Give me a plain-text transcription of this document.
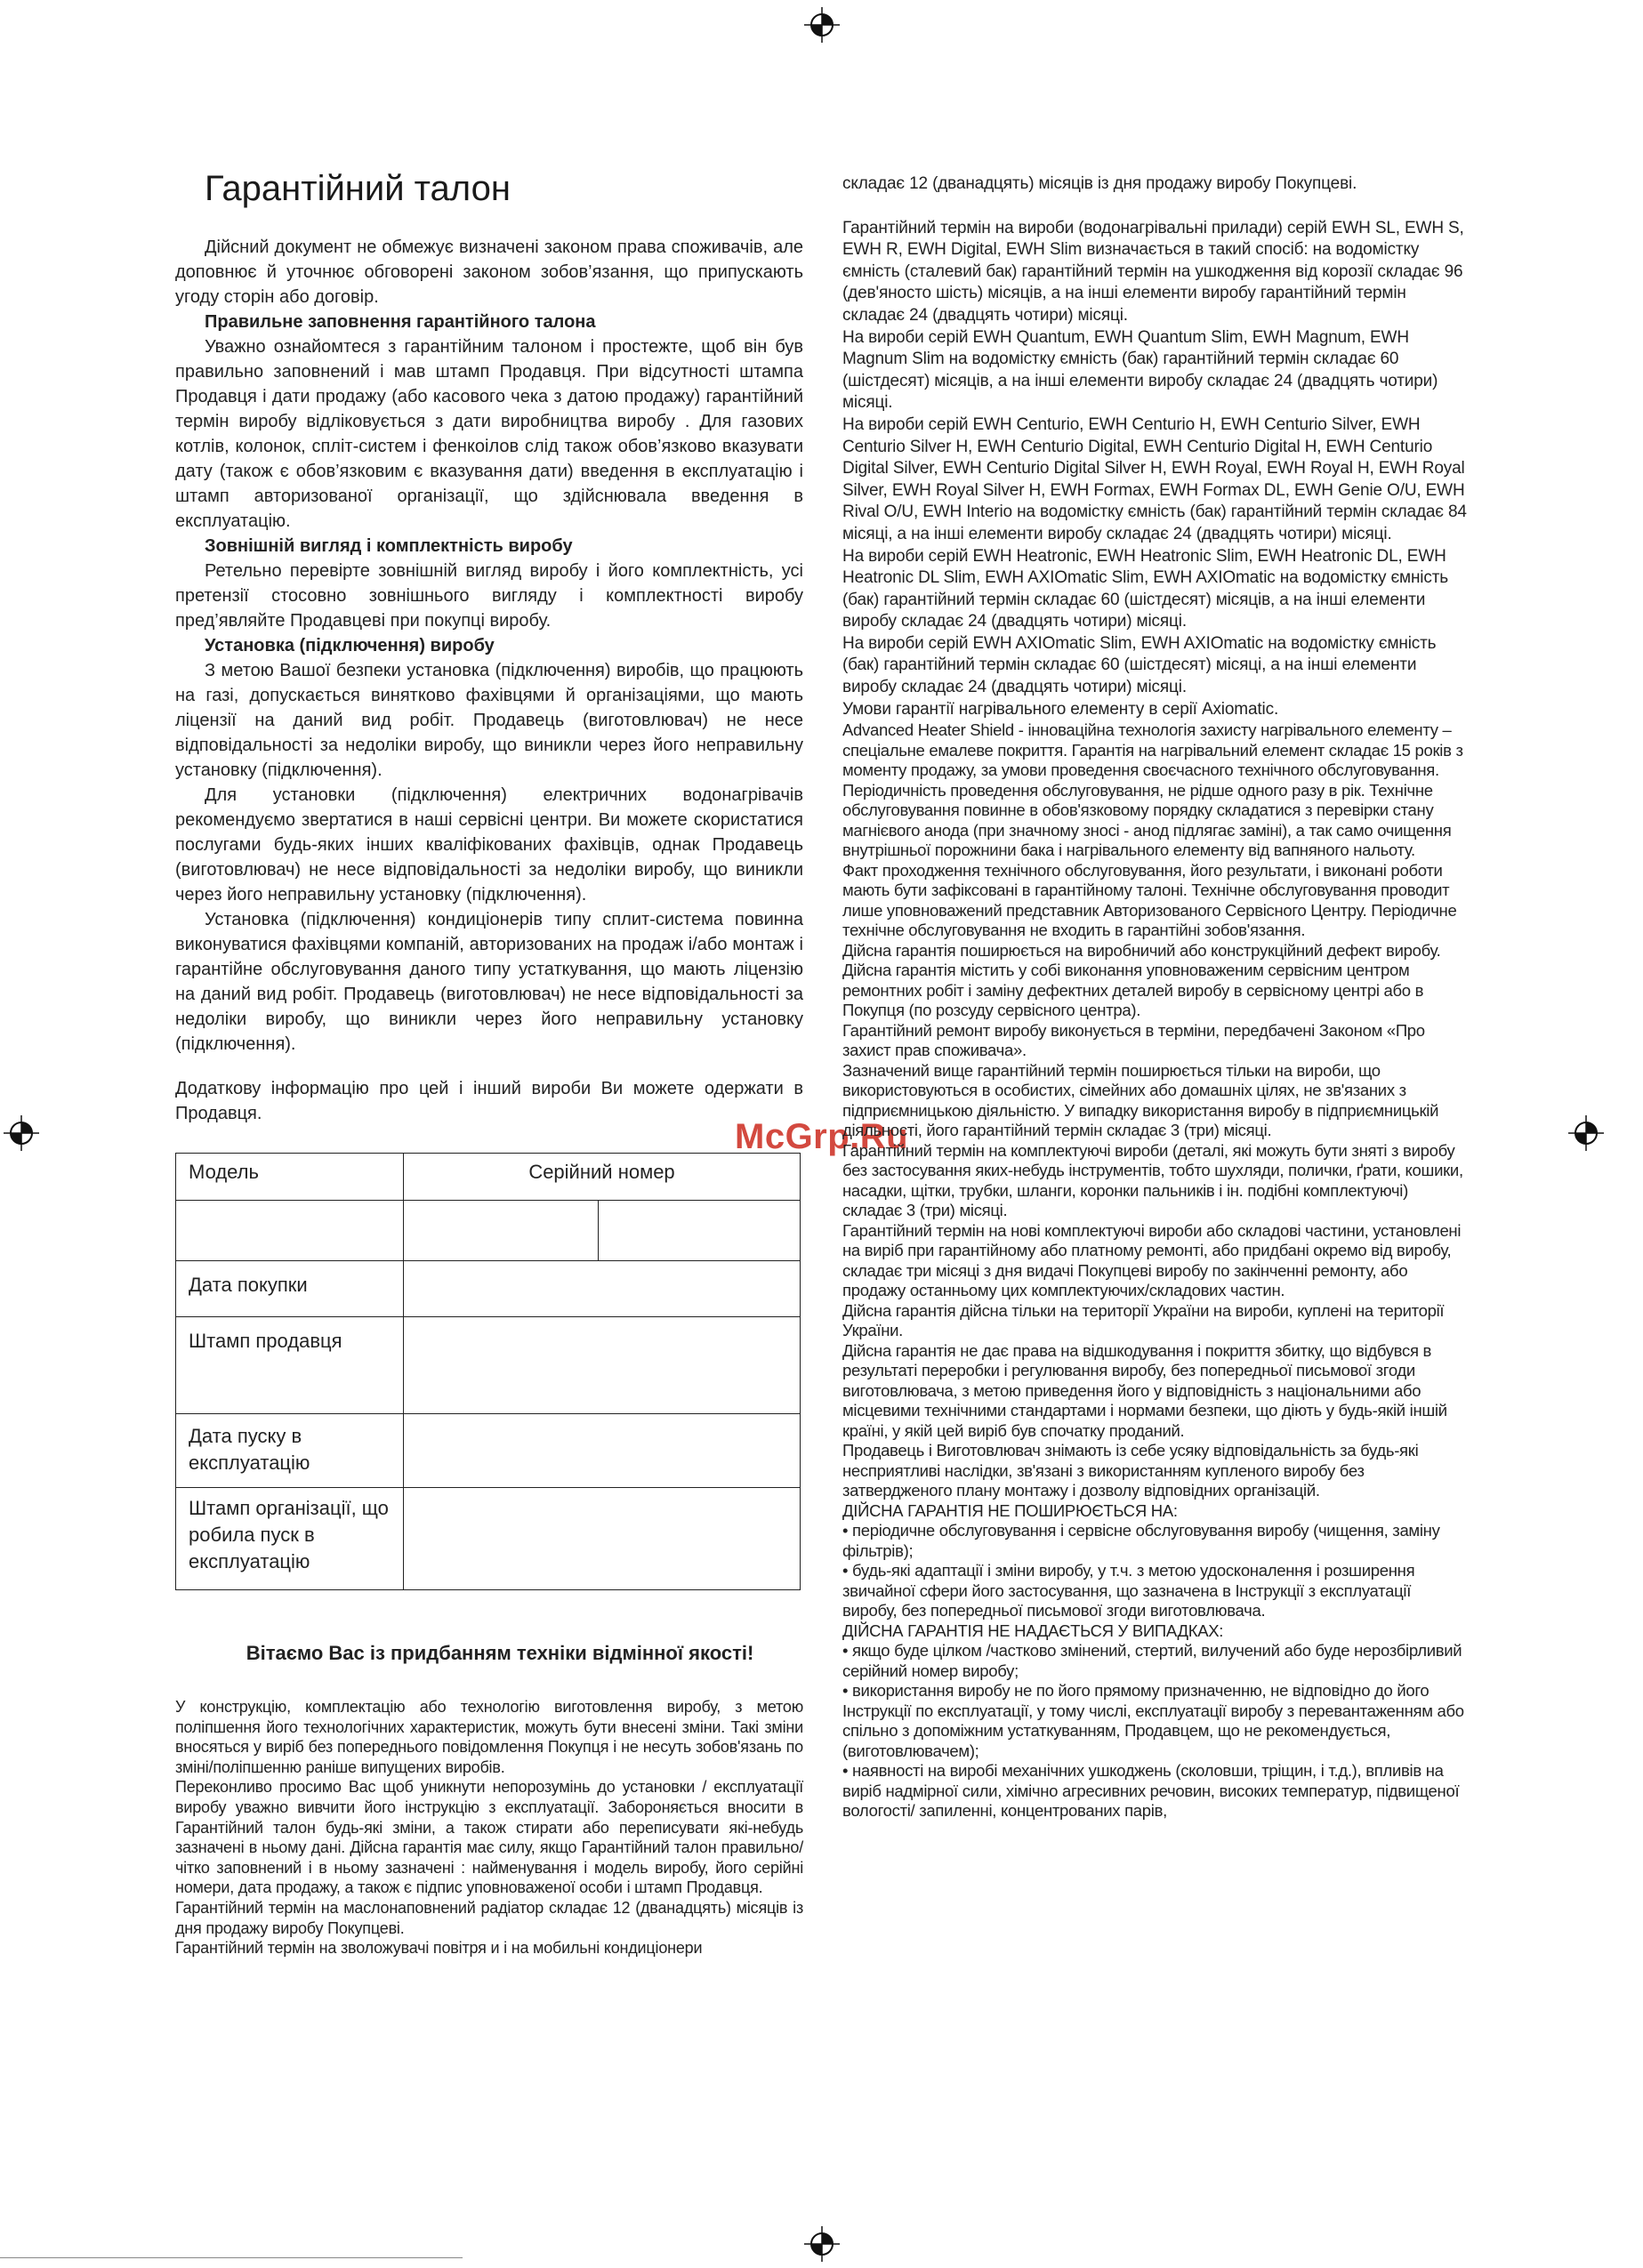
McGrp.Ru
Гарантійний талон

Дійсний документ не обмежує визначені законом права споживачів, але доповнює й уточнює обговорені законом зобов’язання, що припускають угоду сторін або договір.

Правильне заповнення гарантійного талона

Уважно ознайомтеся з гарантійним талоном і простежте, щоб він був правильно заповнений і мав штамп Продавця. При відсутності штампа Продавця і дати продажу (або касового чека з датою продажу) гарантійний термін виробу відліковується з дати виробництва виробу . Для газових котлів, колонок, спліт-систем і фенкоілов слід також обов’язково вказувати дату (також є обов’язковим є вказування дати) введення в експлуатацію і штамп авторизованої організації, що здійснювала введення в експлуатацію.

Зовнішній вигляд і комплектність виробу

Ретельно перевірте зовнішній вигляд виробу і його комплектність, усі претензії стосовно зовнішнього вигляду і комплектності виробу пред’являйте Продавцеві при покупці виробу.

Установка (підключення) виробу

З метою Вашої безпеки установка (підключення) виробів, що працюють на газі, допускається винятково фахівцями й організаціями, що мають ліцензії на даний вид робіт. Продавець (виготовлювач) не несе відповідальності за недоліки виробу, що виникли через його неправильну установку (підключення).

Для установки (підключення) електричних водонагрівачів рекомендуємо звертатися в наші сервісні центри. Ви можете скористатися послугами будь-яких інших кваліфікованих фахівців, однак Продавець (виготовлювач) не несе відповідальності за недоліки виробу, що виникли через його неправильну установку (підключення).

Установка (підключення) кондиціонерів типу сплит-система повинна виконуватися фахівцями компаній, авторизованих на продаж і/або монтаж і гарантійне обслуговування даного типу устаткування, що мають ліцензію на даний вид робіт. Продавець (виготовлювач) не несе відповідальності за недоліки виробу, що виникли через його неправильну установку (підключення).

Додаткову інформацію про цей і інший вироби Ви можете одержати в Продавця.

Модель	Серійний номер	

Дата покупки		
Штамп продавця		
Дата пуску в експлуатацію		
Штамп організації, що робила пуск в експлуатацію		
Вітаємо Вас із придбанням техніки відмінної якості!

У конструкцію, комплектацію або технологію виготовлення виробу, з метою поліпшення його технологічних характеристик, можуть бути внесені зміни. Такі зміни вносяться у виріб без попереднього повідомлення Покупця і не несуть зобов'язань по зміні/поліпшенню раніше випущених виробів.

Переконливо просимо Вас щоб уникнути непорозумінь до установки / експлуатації виробу уважно вивчити його інструкцію з експлуатації. Забороняється вносити в Гарантійний талон будь-які зміни, а також стирати або переписувати які-небудь зазначені в ньому дані. Дійсна гарантія має силу, якщо Гарантійний талон правильно/чітко заповнений і в ньому зазначені : найменування і модель виробу, його серійні номери, дата продажу, а також є підпис уповноваженої особи і штамп Продавця.

Гарантійний термін на маслонаповнений радіатор складає 12 (дванадцять) місяців із дня продажу виробу Покупцеві.

Гарантійний термін на зволожувачі повітря и і на мобильні кондиціонери

складає 12 (дванадцять) місяців із дня продажу виробу Покупцеві.

Гарантійний термін на вироби (водонагрівальні прилади) серій EWH SL, EWH S, EWH R, EWH Digital, EWH Slim визначається в такий спосіб: на водомістку ємність (сталевий бак) гарантійний термін на ушкодження від корозії складає 96 (дев'яносто шість) місяців, а на інші елементи виробу гарантійний термін складає 24 (двадцять чотири) місяці.

На вироби серій EWH Quantum, EWH Quantum Slim, EWH Magnum, EWH Magnum Slim на водомістку ємність (бак) гарантійний термін складає 60 (шістдесят) місяців, а на інші елементи виробу складає 24 (двадцять чотири) місяці.

На вироби серій EWH Centurio, EWH Centurio H, EWH Centurio Silver, EWH Centurio Silver H, EWH Centurio Digital, EWH Centurio Digital H, EWH Centurio Digital Silver, EWH Centurio Digital Silver H, EWH Royal, EWH Royal H, EWH Royal Silver, EWH Royal Silver H, EWH Formax, EWH Formax DL, EWH Genie O/U, EWH Rival O/U, EWH Interio на водомістку ємність (бак) гарантійний термін складає 84 місяці, а на інші елементи виробу складає 24 (двадцять чотири) місяці.

На вироби серій EWH Heatronic, EWH Heatronic Slim, EWH Heatronic DL, EWH Heatronic DL Slim, EWH AXIOmatic Slim, EWH AXIOmatic на водомістку ємність (бак) гарантійний термін складає 60 (шістдесят) місяців, а на інші елементи виробу складає 24 (двадцять чотири) місяці.

На вироби серій EWH AXIOmatic Slim, EWH AXIOmatic на водомістку ємність (бак) гарантійний термін складає 60 (шістдесят) місяці, а на інші елементи виробу складає 24 (двадцять чотири) місяці.

Умови гарантії нагрівального елементу в серії Axiomatic.

Advanced Heater Shield - інноваційна технологія захисту нагрівального елементу – спеціальне емалеве покриття. Гарантія на нагрівальний елемент складає 15 років з моменту продажу, за умови проведення своєчасного технічного обслуговування. Періодичність проведення обслуговування, не рідше одного разу в рік. Технічне обслуговування повинне в обов'язковому порядку складатися з перевірки стану магнієвого анода (при значному зносі - анод підлягає заміні), а так само очищення внутрішньої порожнини бака і нагрівального елементу від вапняного нальоту.

Факт проходження технічного обслуговування, його результати, і виконані роботи мають бути зафіксовані в гарантійному талоні. Технічне обслуговування проводит лише уповноважений представник Авторизованого Сервісного Центру. Періодичне технічне обслуговування не входить в гарантійні зобов'язання.

Дійсна гарантія поширюється на виробничий або конструкційний дефект виробу. Дійсна гарантія містить у собі виконання уповноваженим сервісним центром ремонтних робіт і заміну дефектних деталей виробу в сервісному центрі або в Покупця (по розсуду сервісного центра).

Гарантійний ремонт виробу виконується в терміни, передбачені Законом «Про захист прав споживача».

Зазначений вище гарантійний термін поширюється тільки на вироби, що використовуються в особистих, сімейних або домашніх цілях, не зв'язаних з підприємницькою діяльністю. У випадку використання виробу в підприємницькій діяльності, його гарантійний термін складає 3 (три) місяці.

Гарантійний термін на комплектуючі вироби (деталі, які можуть бути зняті з виробу без застосування яких-небудь інструментів, тобто шухляди, полички, ґрати, кошики, насадки, щітки, трубки, шланги, коронки пальників і ін. подібні комплектуючі) складає 3 (три) місяці.

Гарантійний термін на нові комплектуючі вироби або складові частини, установлені на виріб при гарантійному або платному ремонті, або придбані окремо від виробу, складає три місяці з дня видачі Покупцеві виробу по закінченні ремонту, або продажу останньому цих комплектуючих/складових частин.

Дійсна гарантія дійсна тільки на території України на вироби, куплені на території України.

Дійсна гарантія не дає права на відшкодування і покриття збитку, що відбувся в результаті переробки і регулювання виробу, без попередньої письмової згоди виготовлювача, з метою приведення його у відповідність з національними або місцевими технічними стандартами і нормами безпеки, що діють у будь-якій іншій країні, у якій цей виріб був спочатку проданий.

Продавець і Виготовлювач знімають із себе усяку відповідальність за будь-які несприятливі наслідки, зв'язані з використанням купленого виробу без затвердженого плану монтажу і дозволу відповідних організацій.

ДІЙСНА ГАРАНТІЯ НЕ ПОШИРЮЄТЬСЯ НА:

• періодичне обслуговування і сервісне обслуговування виробу (чищення, заміну фільтрів);

• будь-які адаптації і зміни виробу, у т.ч. з метою удосконалення і розширення звичайної сфери його застосування, що зазначена в Інструкції з експлуатації виробу, без попередньої письмової згоди виготовлювача.

ДІЙСНА ГАРАНТІЯ НЕ НАДАЄТЬСЯ У ВИПАДКАХ:

• якщо буде цілком /частково змінений, стертий, вилучений або буде нерозбірливий серійний номер виробу;

• використання виробу не по його прямому призначенню, не відповідно до його Інструкції по експлуатації, у тому числі, експлуатації виробу з перевантаженням або спільно з допоміжним устаткуванням, Продавцем, що не рекомендується, (виготовлювачем);

• наявності на виробі механічних ушкоджень (сколовши, тріщин, і т.д.), впливів на виріб надмірної сили, хімічно агресивних речовин, високих температур, підвищеної вологості/ запиленні, концентрованих парів,
